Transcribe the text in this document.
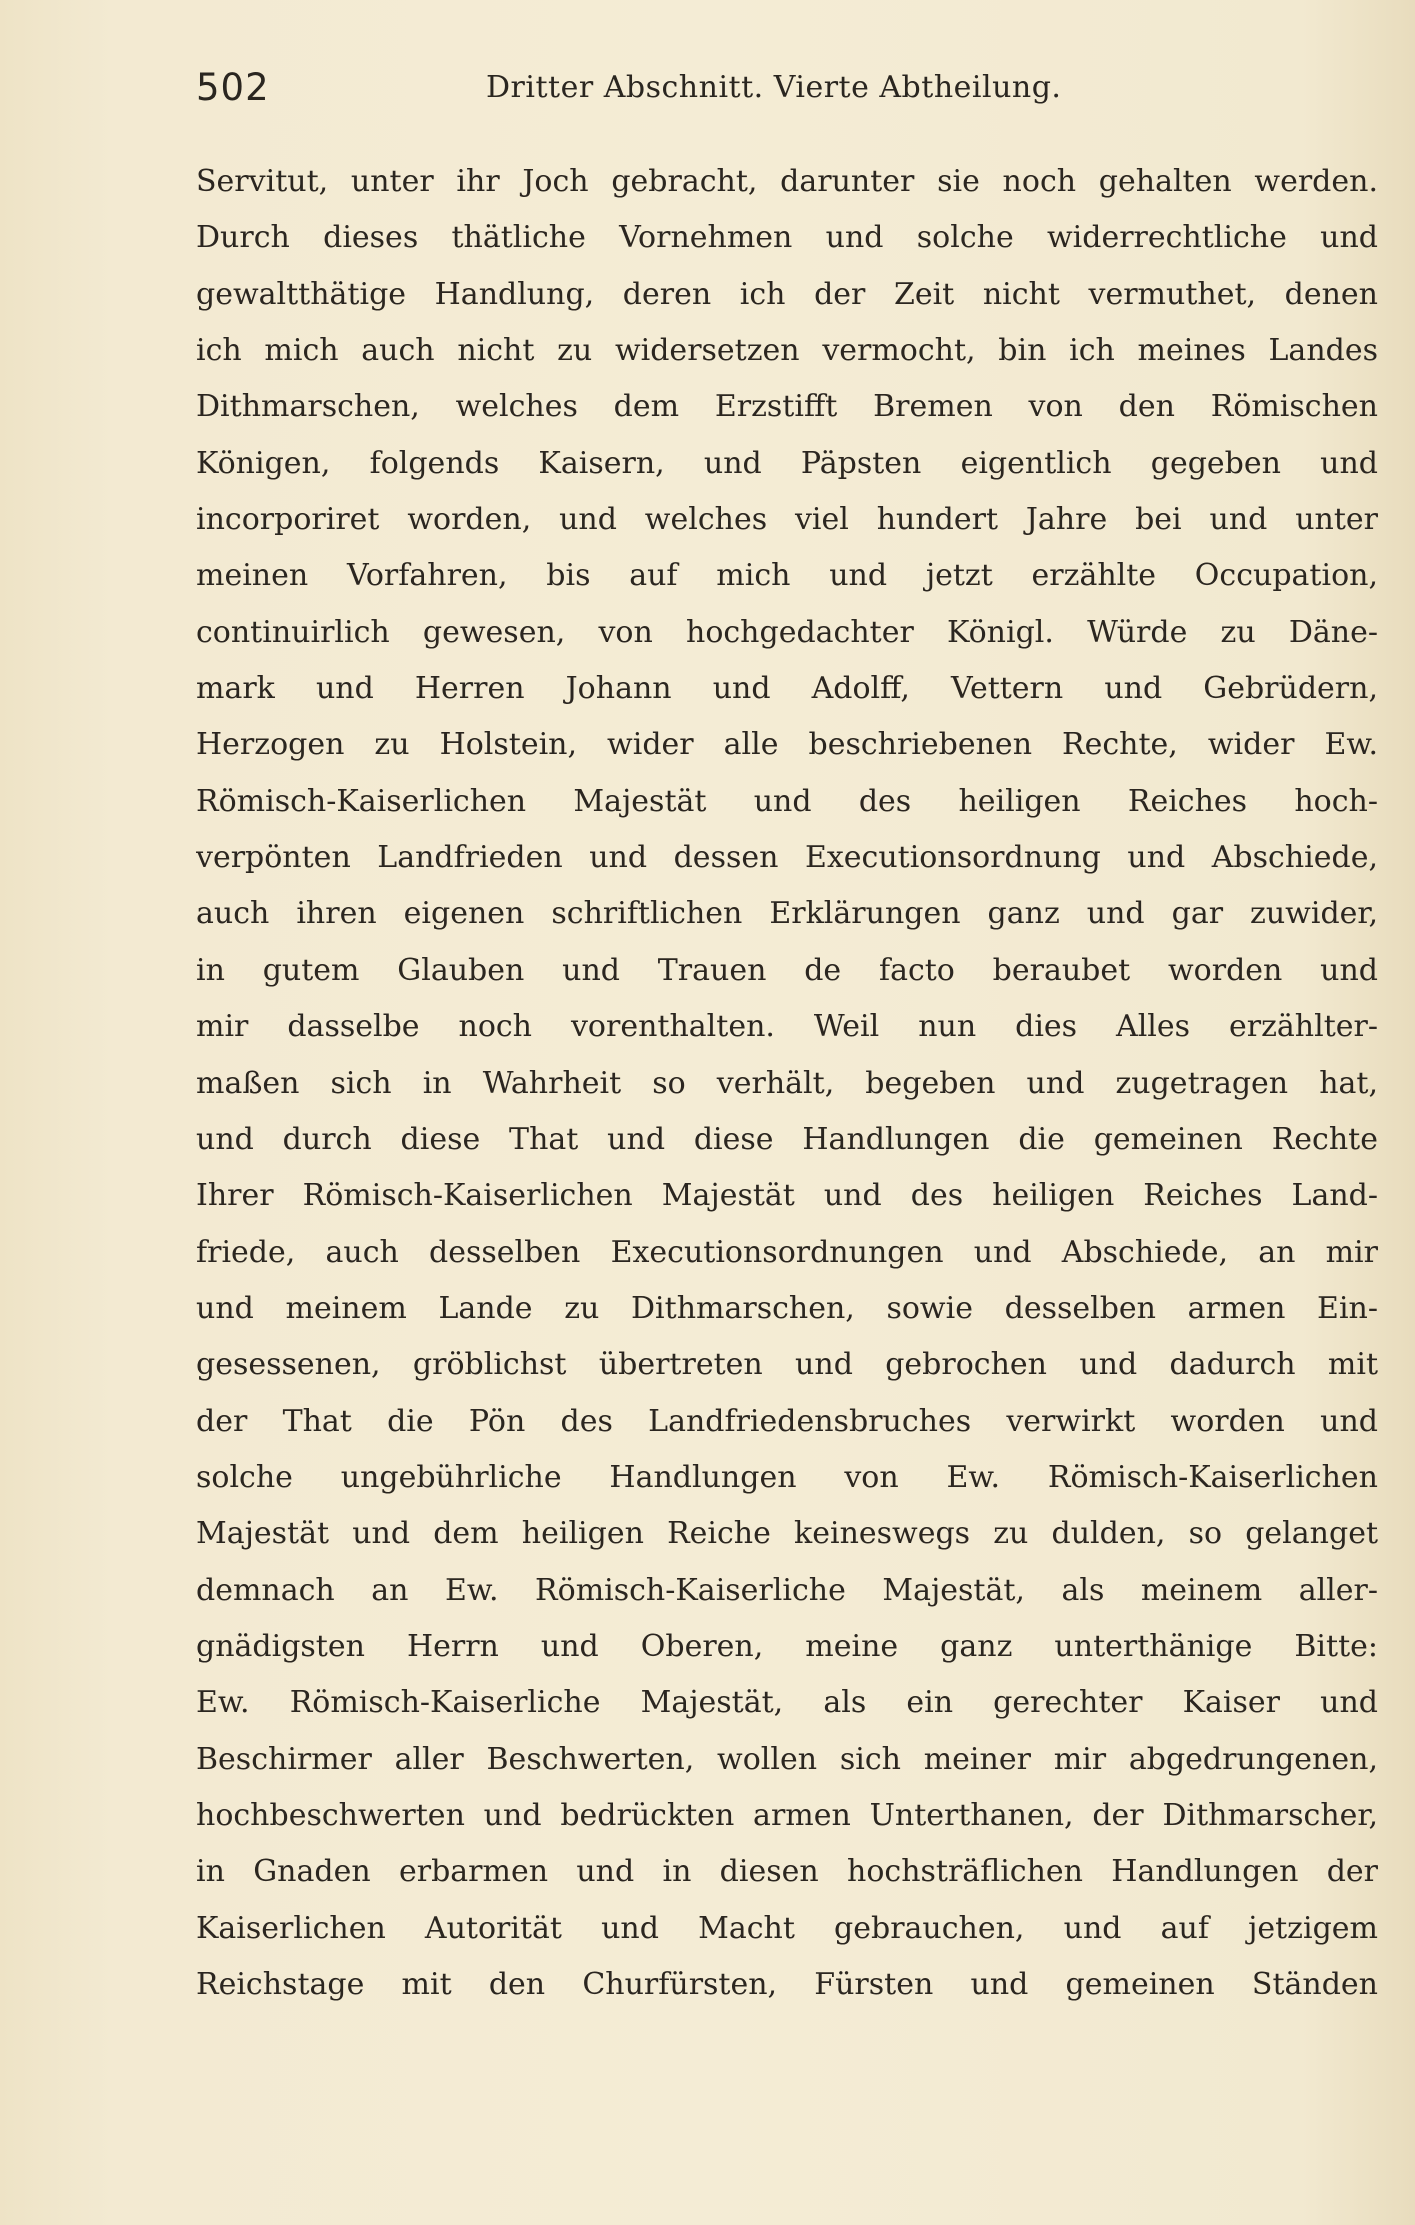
502	Dritter Abschnitt. Vierte Abtheilung.
Servitut, unter ihr Joch gebracht, darunter sie noch gehalten werden.
Durch dieses thätliche Vornehmen und solche widerrechtliche und
gewaltthätige Handlung, deren ich der Zeit nicht vermuthet, denen
ich mich auch nicht zu widersetzen vermocht, bin ich meines Landes
Dithmarschen, welches dem Erzstifft Bremen von den Römischen
Königen, folgends Kaisern, und Päpsten eigentlich gegeben und
incorporiret worden, und welches viel hundert Jahre bei und unter
meinen Vorfahren, bis auf mich und jetzt erzählte Occupation,
continuirlich gewesen, von hochgedachter Königl. Würde zu Däne-
mark und Herren Johann und Adolff, Vettern und Gebrüdern,
Herzogen zu Holstein, wider alle beschriebenen Rechte, wider Ew.
Römisch-Kaiserlichen Majestät und des heiligen Reiches hoch-
verpönten Landfrieden und dessen Executionsordnung und Abschiede,
auch ihren eigenen schriftlichen Erklärungen ganz und gar zuwider,
in gutem Glauben und Trauen de facto beraubet worden und
mir dasselbe noch vorenthalten. Weil nun dies Alles erzählter-
maßen sich in Wahrheit so verhält, begeben und zugetragen hat,
und durch diese That und diese Handlungen die gemeinen Rechte
Ihrer Römisch-Kaiserlichen Majestät und des heiligen Reiches Land-
friede, auch desselben Executionsordnungen und Abschiede, an mir
und meinem Lande zu Dithmarschen, sowie desselben armen Ein-
gesessenen, gröblichst übertreten und gebrochen und dadurch mit
der That die Pön des Landfriedensbruches verwirkt worden und
solche ungebührliche Handlungen von Ew. Römisch-Kaiserlichen
Majestät und dem heiligen Reiche keineswegs zu dulden, so gelanget
demnach an Ew. Römisch-Kaiserliche Majestät, als meinem aller-
gnädigsten Herrn und Oberen, meine ganz unterthänige Bitte:
Ew. Römisch-Kaiserliche Majestät, als ein gerechter Kaiser und
Beschirmer aller Beschwerten, wollen sich meiner mir abgedrungenen,
hochbeschwerten und bedrückten armen Unterthanen, der Dithmarscher,
in Gnaden erbarmen und in diesen hochsträflichen Handlungen der
Kaiserlichen Autorität und Macht gebrauchen, und auf jetzigem
Reichstage mit den Churfürsten, Fürsten und gemeinen Ständen
